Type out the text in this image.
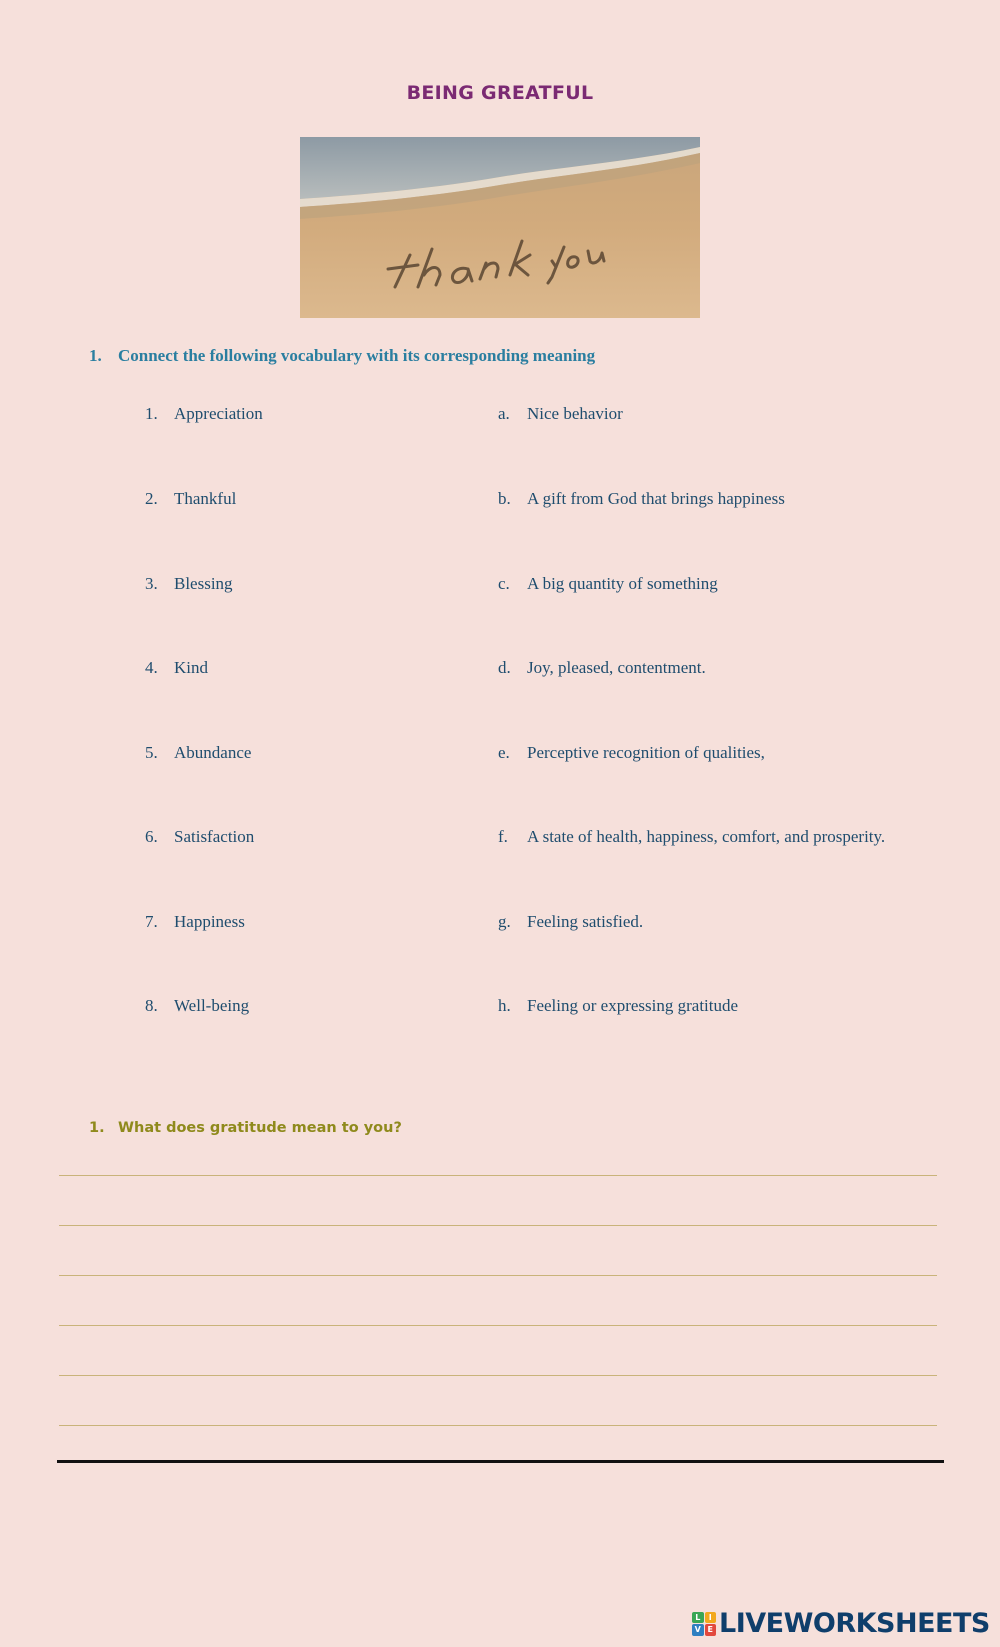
BEING GREATFUL
1. Connect the following vocabulary with its corresponding meaning
1. Appreciation
2. Thankful
3. Blessing
4. Kind
5. Abundance
6. Satisfaction
7. Happiness
8. Well-being
a. Nice behavior
b. A gift from God that brings happiness
c. A big quantity of something
d. Joy, pleased, contentment.
e. Perceptive recognition of qualities,
f. A state of health, happiness, comfort, and prosperity.
g. Feeling satisfied.
h. Feeling or expressing gratitude
1. What does gratitude mean to you?
L	I
V E LIVEWORKSHEETS
